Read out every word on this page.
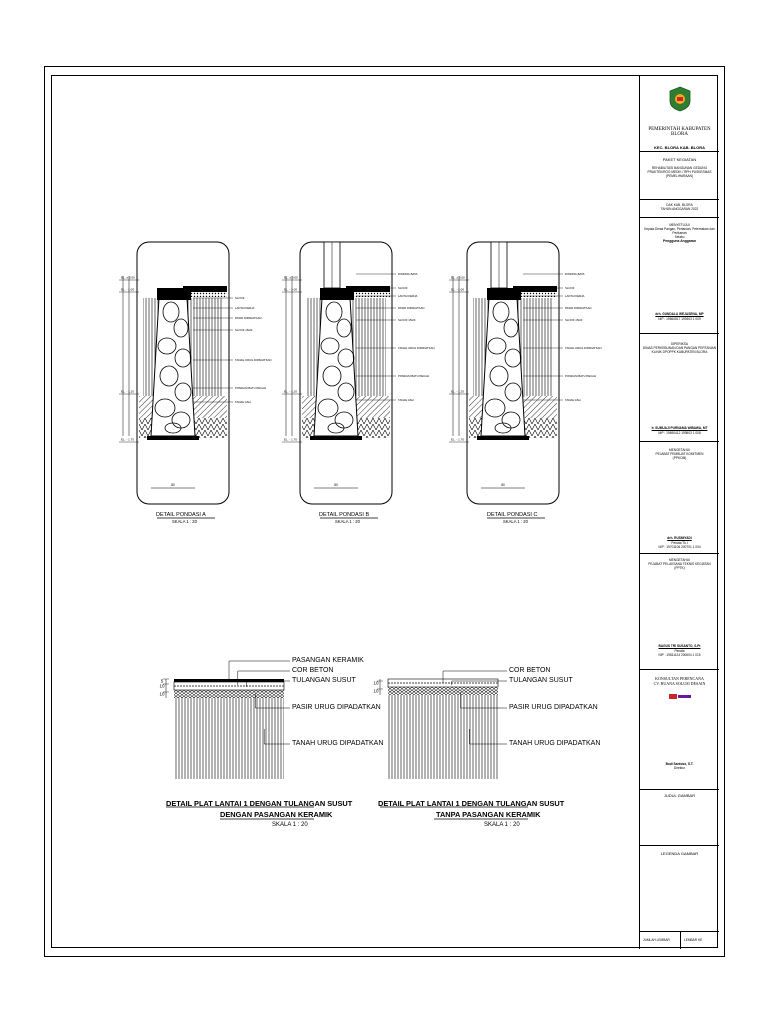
EL. ± 0.00
EL. - 1.00
EL. - 1.20
EL. - 1.70
80
SLOOF
LANTAI KERJA
PASIR DIPADATKAN
SLOOF 15/20
TANAH URUG DIPADATKAN
PONDASI BATU PECAH
TANAH ASLI
EL. ± 0.00
EL. - 1.00
EL. - 1.20
EL. - 1.70
80
DINDING BATA
SLOOF
LANTAI KERJA
PASIR DIPADATKAN
SLOOF 15/20
TANAH URUG DIPADATKAN
PONDASI BATU PECAH
TANAH ASLI
EL. ± 0.00
EL. - 1.00
EL. - 1.20
EL. - 1.70
80
DINDING BATA
SLOOF
LANTAI KERJA
PASIR DIPADATKAN
SLOOF 15/20
TANAH URUG DIPADATKAN
PONDASI BATU PECAH
TANAH ASLI
5
10
10
10
10
DETAIL PONDASI A
SKALA 1 : 20
DETAIL PONDASI B
SKALA 1 : 20
DETAIL PONDASI C
SKALA 1 : 20
PASANGAN KERAMIK
COR BETON
TULANGAN SUSUT
PASIR URUG DIPADATKAN
TANAH URUG DIPADATKAN
DETAIL PLAT LANTAI 1 DENGAN TULANGAN SUSUT
DENGAN PASANGAN KERAMIK
SKALA 1 : 20
COR BETON
TULANGAN SUSUT
PASIR URUG DIPADATKAN
TANAH URUG DIPADATKAN
DETAIL PLAT LANTAI 1 DENGAN TULANGAN SUSUT
TANPA PASANGAN KERAMIK
SKALA 1 : 20
PEMERINTAH KABUPATEN BLORA
KEC. BLORA KAB. BLORA
PAKET KEGIATAN
REHABILITASI BANGUNAN GEDUNG
PRAKTEK/ROG MEDIK / RPH PUSKESMAS
(PEMELIHARAAN)
DAK KAB. BLORA
TAHUN ANGGARAN 2022
MENYETUJUI
Kepala Dinas Pangan, Pertanian, Peternakan dan
Perikanan
Selaku
Pengguna Anggaran
drh. GUNDALA WEJASENA, MP
NIP : 19660817 199303 1 009
DIPERIKSA
DINAS PERKEBUNAN DAN PANGAN PERTANIAN
KLINIK DPOPPK KABUPATEN BLORA
Ir. SUMUAJI PURNAMA WIBAWA, MT
NIP : 19690412 199803 1 008
MENGETAHUI
PEJABAT PEMBUAT KOMITMEN
(PPKOM)
drh. RUSMIYADI
Penata Tk.I
NIP : 19701106 200701 1 004
MENGETAHUI
PEJABAT PELAKSANA TEKNIS KEGIATAN
(PPTK)
BAGUS TRI SUSANTO, S.Pt
Penata
NIP : 19811124 200604 1 015
KONSULTAN PERENCANA
CV. BUANA SOLUSI DESAIN
Budi Santoso, S.T.
Direktur
JUDUL GAMBAR
LEGENDA GAMBAR
JUMLAH LEMBAR	LEMBAR KE
